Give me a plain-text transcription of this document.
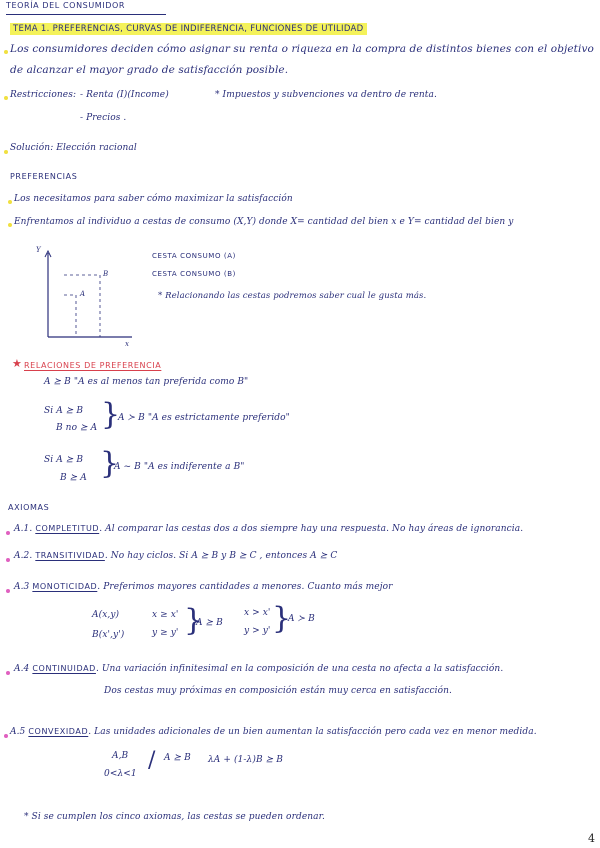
TEORÍA DEL CONSUMIDOR
TEMA 1. PREFERENCIAS, CURVAS DE INDIFERENCIA, FUNCIONES DE UTILIDAD
Los consumidores deciden cómo asignar su renta o riqueza en la compra de distintos bienes con el objetivo
de alcanzar el mayor grado de satisfacción posible.
Restricciones: - Renta (I)(Income)	* Impuestos y subvenciones va dentro de renta.
- Precios .
Solución: Elección racional
PREFERENCIAS
Los necesitamos para saber cómo maximizar la satisfacción
Enfrentamos al individuo a cestas de consumo (X,Y) donde X= cantidad del bien x e Y= cantidad del bien y
Y
x
A
B
CESTA CONSUMO (A)
CESTA CONSUMO (B)
* Relacionando las cestas podremos saber cual le gusta más.
RELACIONES DE PREFERENCIA
★
A ⪰ B "A es al menos tan preferida como B"
Si A ⪰ B
B no ⪰ A }
A ≻ B "A es estrictamente preferido"
Si A ⪰ B
B ⪰ A }
A ~ B "A es indiferente a B"
AXIOMAS
A.1. COMPLETITUD. Al comparar las cestas dos a dos siempre hay una respuesta. No hay áreas de ignorancia.
A.2. TRANSITIVIDAD. No hay ciclos. Si A ⪰ B y B ⪰ C , entonces A ⪰ C
A.3 MONOTICIDAD. Preferimos mayores cantidades a menores. Cuanto más mejor
A(x,y)
B(x',y')
x ≥ x'
y ≥ y' }
A ⪰ B
x > x'
y > y' }
A ≻ B
A.4 CONTINUIDAD. Una variación infinitesimal en la composición de una cesta no afecta a la satisfacción.
Dos cestas muy próximas en composición están muy cerca en satisfacción.
A.5 CONVEXIDAD. Las unidades adicionales de un bien aumentan la satisfacción pero cada vez en menor medida.
A,B
0<λ<1
/ A ⪰ B λA + (1-λ)B ⪰ B
* Si se cumplen los cinco axiomas, las cestas se pueden ordenar.
4
